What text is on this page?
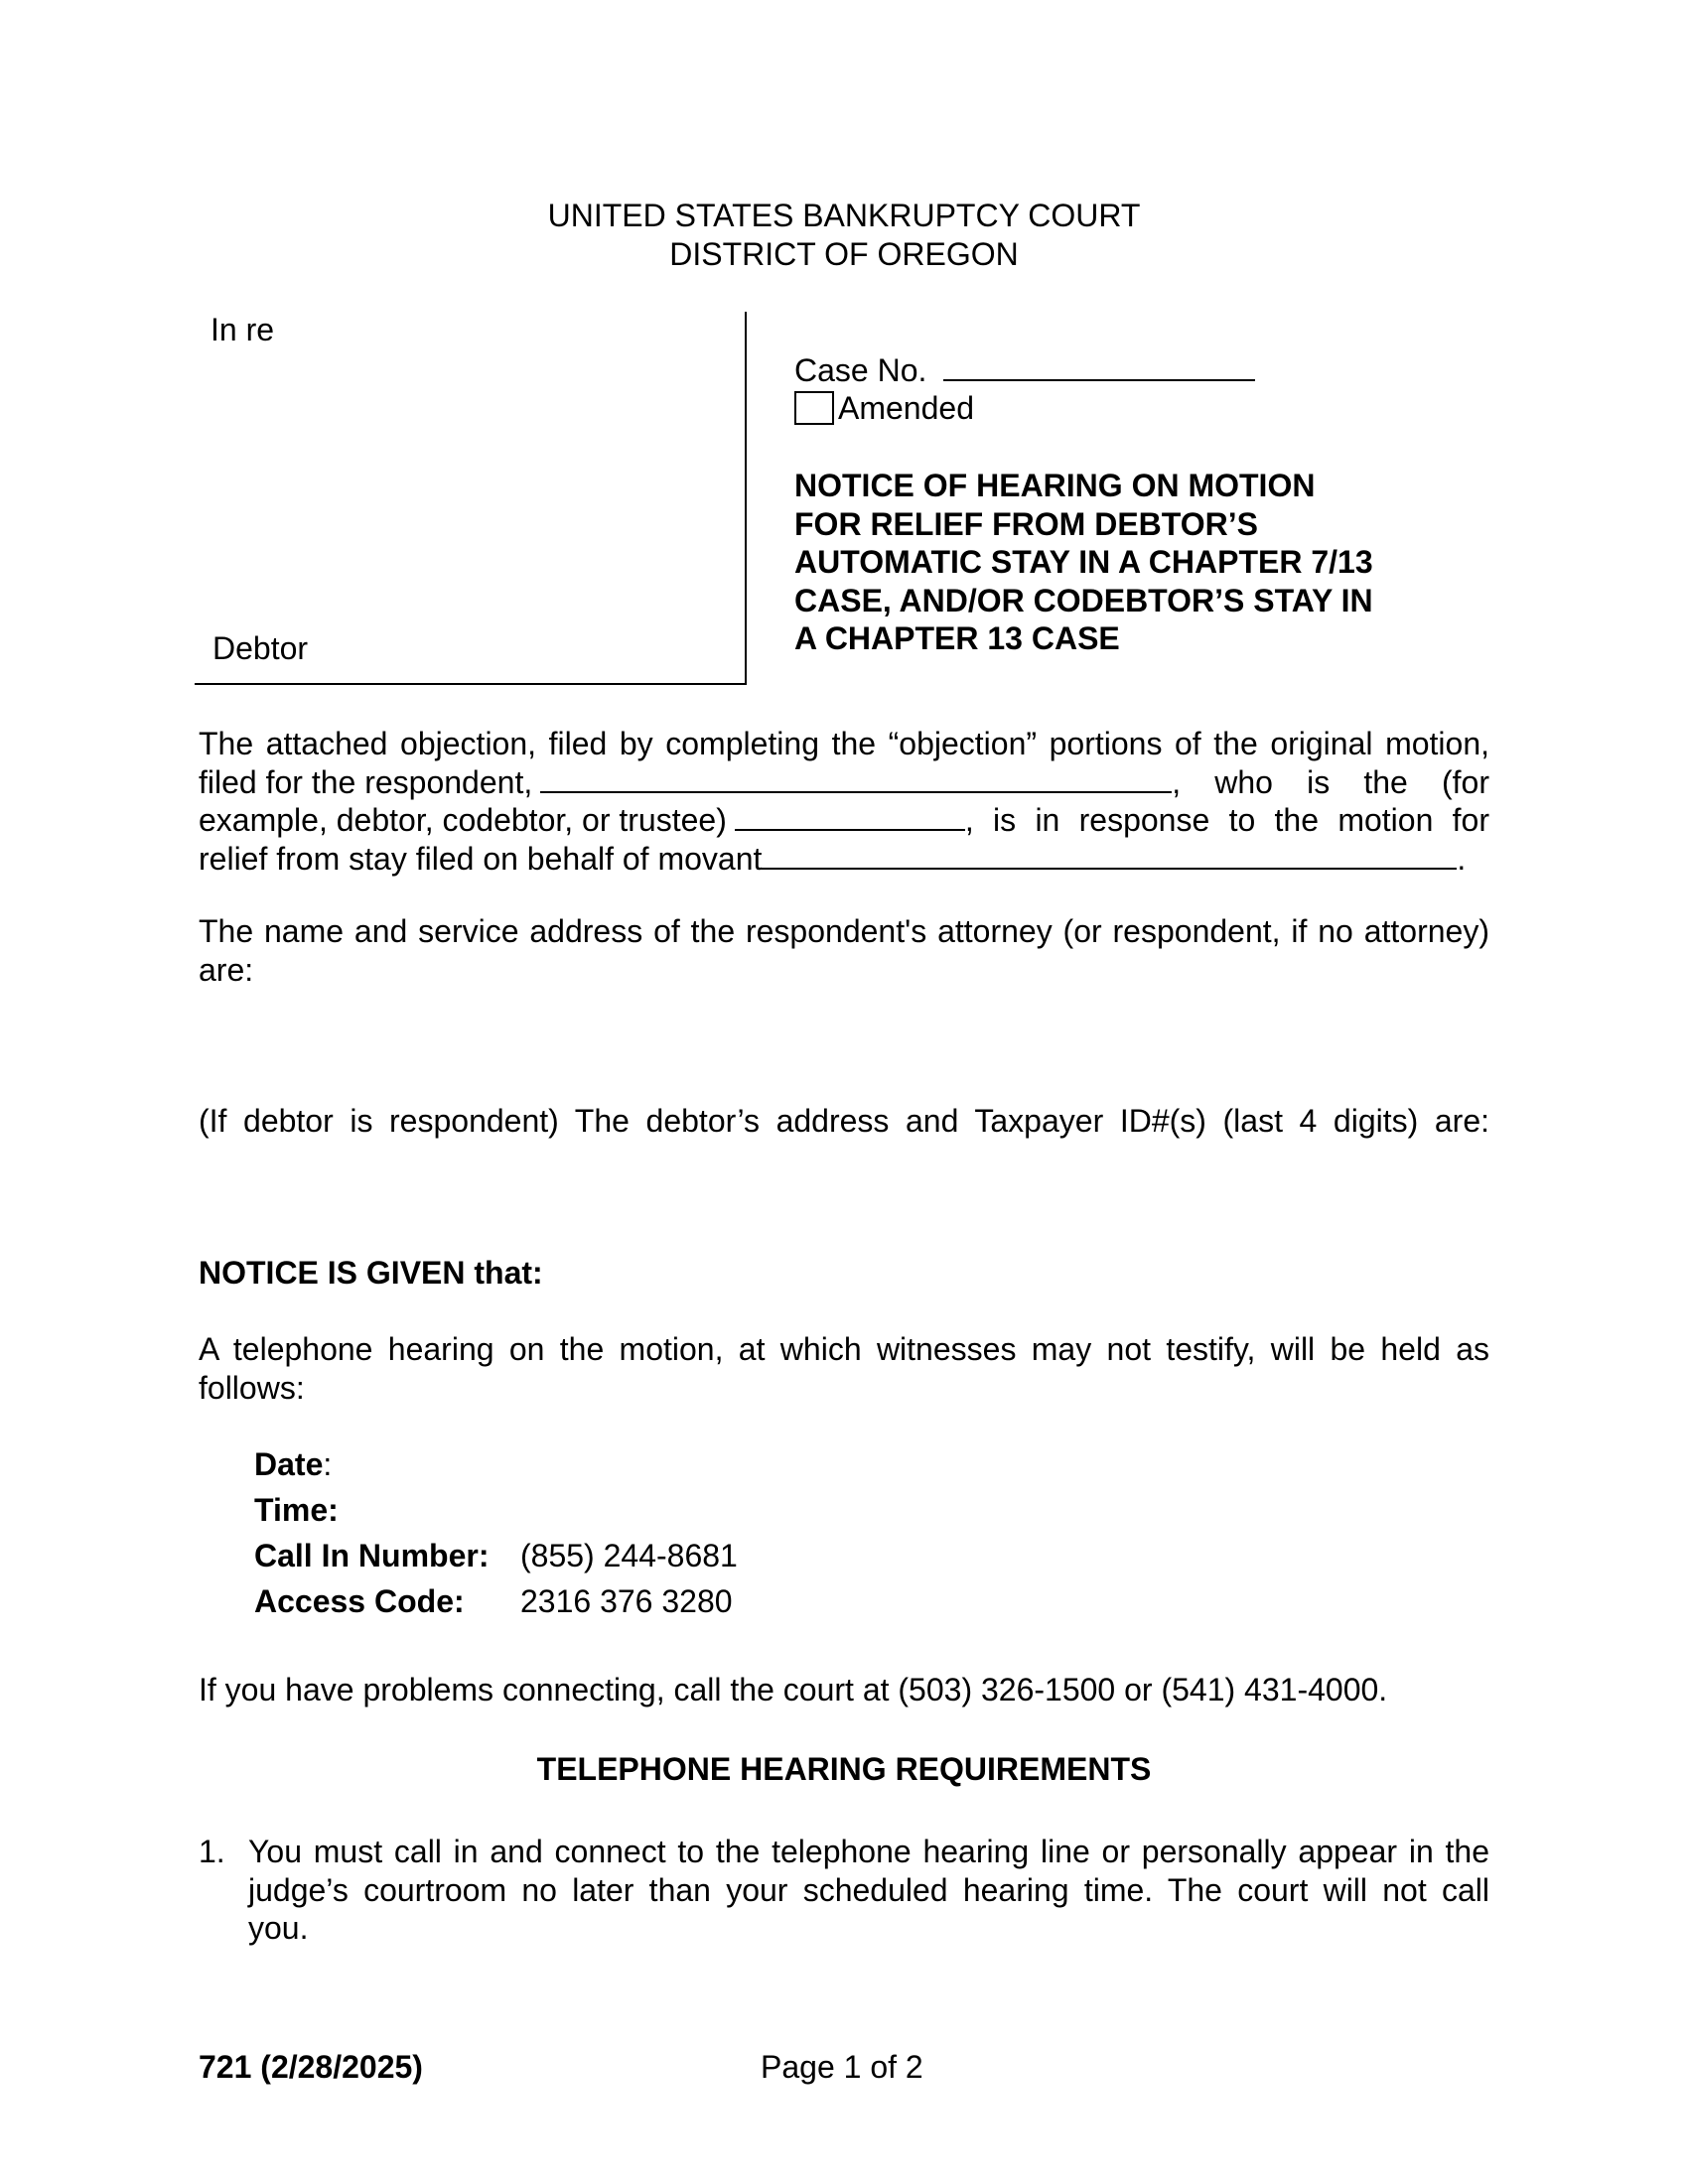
UNITED STATES BANKRUPTCY COURT
DISTRICT OF OREGON
In re
Debtor
Case No.
Amended
NOTICE OF HEARING ON MOTION
FOR RELIEF FROM DEBTOR’S
AUTOMATIC STAY IN A CHAPTER 7/13
CASE, AND/OR CODEBTOR’S STAY IN
A CHAPTER 13 CASE
The attached objection, filed by completing the “objection” portions of the original motion,
filed for the respondent,	, who is the (for
example, debtor, codebtor, or trustee)	, is in response to the motion for
relief from stay filed on behalf of movant	.
The name and service address of the respondent's attorney (or respondent, if no attorney)
are:
(If debtor is respondent) The debtor’s address and Taxpayer ID#(s) (last 4 digits) are:
NOTICE IS GIVEN that:
A telephone hearing on the motion, at which witnesses may not testify, will be held as
follows:
Date:
Time:
Call In Number: (855) 244-8681
Access Code: 2316 376 3280
If you have problems connecting, call the court at (503) 326-1500 or (541) 431-4000.
TELEPHONE HEARING REQUIREMENTS
1. You must call in and connect to the telephone hearing line or personally appear in the
judge’s courtroom no later than your scheduled hearing time. The court will not call
you.
721 (2/28/2025)	Page 1 of 2
